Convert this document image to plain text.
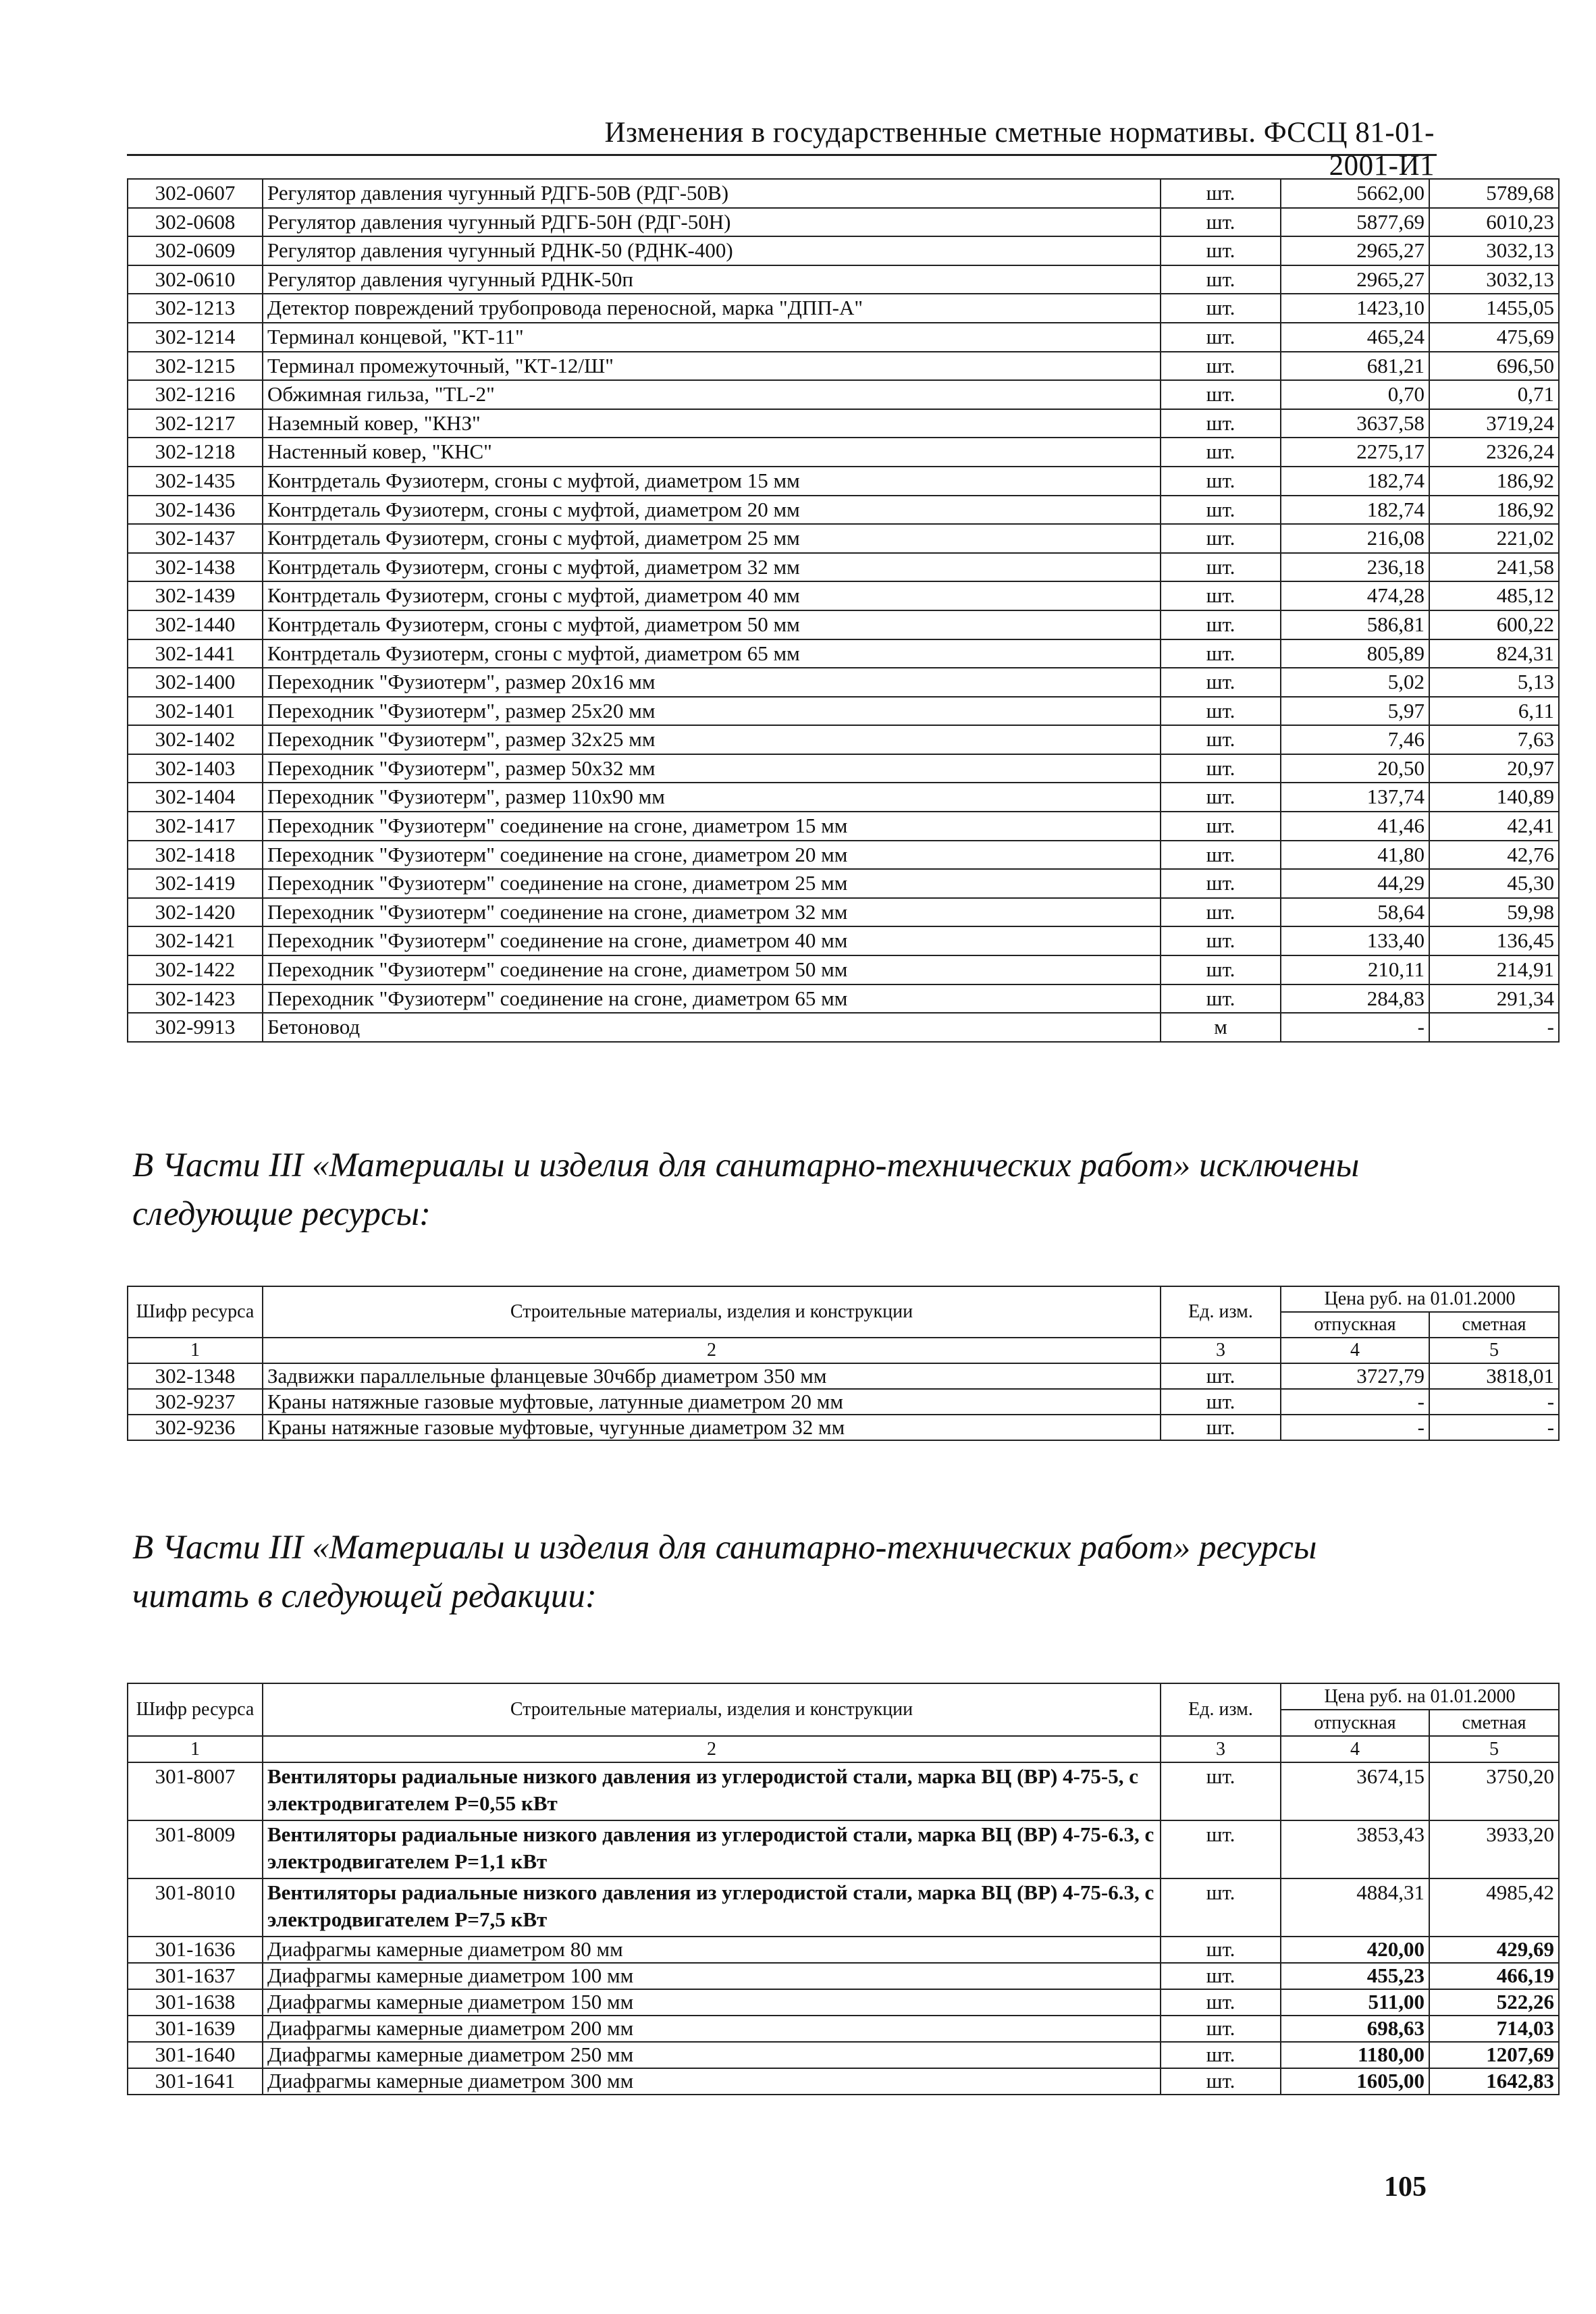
Изменения в государственные сметные нормативы. ФССЦ 81-01-2001-И1
302-0607	Регулятор давления чугунный РДГБ-50В (РДГ-50В)	шт.	5662,00	5789,68
302-0608	Регулятор давления чугунный РДГБ-50Н (РДГ-50Н)	шт.	5877,69	6010,23
302-0609	Регулятор давления чугунный РДНК-50 (РДНК-400)	шт.	2965,27	3032,13
302-0610	Регулятор давления чугунный РДНК-50п	шт.	2965,27	3032,13
302-1213	Детектор повреждений трубопровода переносной, марка "ДПП-А"	шт.	1423,10	1455,05
302-1214	Терминал концевой, "КТ-11"	шт.	465,24	475,69
302-1215	Терминал промежуточный, "КТ-12/Ш"	шт.	681,21	696,50
302-1216	Обжимная гильза, "TL-2"	шт.	0,70	0,71
302-1217	Наземный ковер, "КНЗ"	шт.	3637,58	3719,24
302-1218	Настенный ковер, "КНС"	шт.	2275,17	2326,24
302-1435	Контрдеталь Фузиотерм, сгоны с муфтой, диаметром 15 мм	шт.	182,74	186,92
302-1436	Контрдеталь Фузиотерм, сгоны с муфтой, диаметром 20 мм	шт.	182,74	186,92
302-1437	Контрдеталь Фузиотерм, сгоны с муфтой, диаметром 25 мм	шт.	216,08	221,02
302-1438	Контрдеталь Фузиотерм, сгоны с муфтой, диаметром 32 мм	шт.	236,18	241,58
302-1439	Контрдеталь Фузиотерм, сгоны с муфтой, диаметром 40 мм	шт.	474,28	485,12
302-1440	Контрдеталь Фузиотерм, сгоны с муфтой, диаметром 50 мм	шт.	586,81	600,22
302-1441	Контрдеталь Фузиотерм, сгоны с муфтой, диаметром 65 мм	шт.	805,89	824,31
302-1400	Переходник "Фузиотерм", размер 20х16 мм	шт.	5,02	5,13
302-1401	Переходник "Фузиотерм", размер 25х20 мм	шт.	5,97	6,11
302-1402	Переходник "Фузиотерм", размер 32х25 мм	шт.	7,46	7,63
302-1403	Переходник "Фузиотерм", размер 50х32 мм	шт.	20,50	20,97
302-1404	Переходник "Фузиотерм", размер 110х90 мм	шт.	137,74	140,89
302-1417	Переходник "Фузиотерм" соединение на сгоне, диаметром 15 мм	шт.	41,46	42,41
302-1418	Переходник "Фузиотерм" соединение на сгоне, диаметром 20 мм	шт.	41,80	42,76
302-1419	Переходник "Фузиотерм" соединение на сгоне, диаметром 25 мм	шт.	44,29	45,30
302-1420	Переходник "Фузиотерм" соединение на сгоне, диаметром 32 мм	шт.	58,64	59,98
302-1421	Переходник "Фузиотерм" соединение на сгоне, диаметром 40 мм	шт.	133,40	136,45
302-1422	Переходник "Фузиотерм" соединение на сгоне, диаметром 50 мм	шт.	210,11	214,91
302-1423	Переходник "Фузиотерм" соединение на сгоне, диаметром 65 мм	шт.	284,83	291,34
302-9913	Бетоновод	м	-	-
В Части III «Материалы и изделия для санитарно-технических работ» исключены следующие ресурсы:
Шифр ресурса	Строительные материалы, изделия и конструкции	Ед. изм.	Цена руб. на 01.01.2000	
			отпускная	сметная
1	2	3	4	5
302-1348	Задвижки параллельные фланцевые 30ч6бр диаметром 350 мм	шт.	3727,79	3818,01
302-9237	Краны натяжные газовые муфтовые, латунные диаметром 20 мм	шт.	-	-
302-9236	Краны натяжные газовые муфтовые, чугунные диаметром 32 мм	шт.	-	-
В Части III «Материалы и изделия для санитарно-технических работ» ресурсы читать в следующей редакции:
Шифр ресурса	Строительные материалы, изделия и конструкции	Ед. изм.	Цена руб. на 01.01.2000	
			отпускная	сметная
1	2	3	4	5
301-8007	Вентиляторы радиальные низкого давления из углеродистой стали, марка ВЦ (ВР) 4-75-5, с электродвигателем Р=0,55 кВт	шт.	3674,15	3750,20
301-8009	Вентиляторы радиальные низкого давления из углеродистой стали, марка ВЦ (ВР) 4-75-6.3, с электродвигателем Р=1,1 кВт	шт.	3853,43	3933,20
301-8010	Вентиляторы радиальные низкого давления из углеродистой стали, марка ВЦ (ВР) 4-75-6.3, с электродвигателем Р=7,5 кВт	шт.	4884,31	4985,42
301-1636	Диафрагмы камерные диаметром 80 мм	шт.	420,00	429,69
301-1637	Диафрагмы камерные диаметром 100 мм	шт.	455,23	466,19
301-1638	Диафрагмы камерные диаметром 150 мм	шт.	511,00	522,26
301-1639	Диафрагмы камерные диаметром 200 мм	шт.	698,63	714,03
301-1640	Диафрагмы камерные диаметром 250 мм	шт.	1180,00	1207,69
301-1641	Диафрагмы камерные диаметром 300 мм	шт.	1605,00	1642,83
105
